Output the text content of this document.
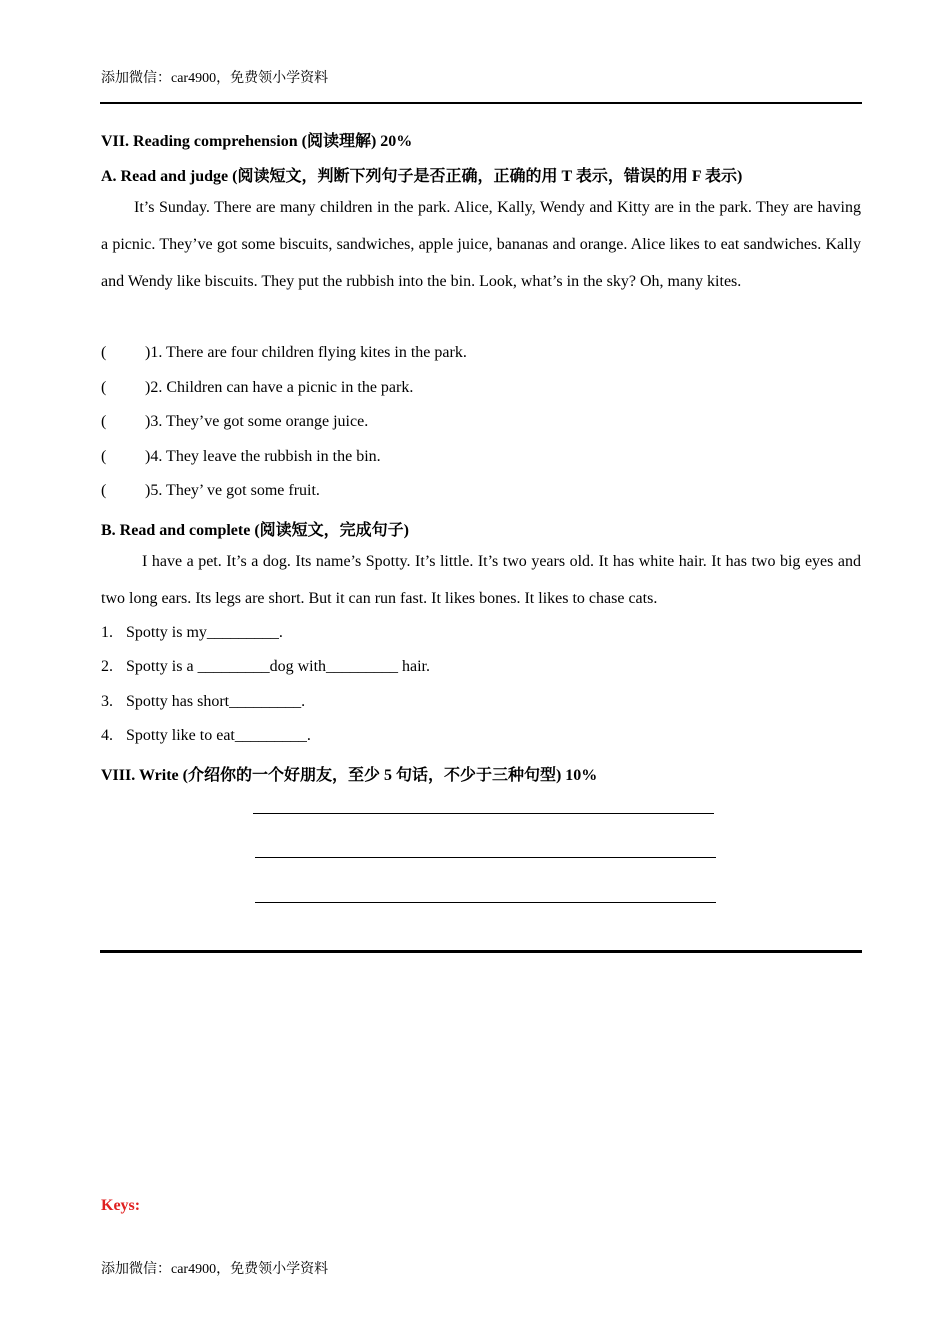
添加微信：car4900，免费领小学资料
VII. Reading comprehension (阅读理解) 20%
A. Read and judge (阅读短文，判断下列句子是否正确，正确的用 T 表示，错误的用 F 表示)

It’s Sunday. There are many children in the park. Alice, Kally, Wendy and Kitty are in the park. They are having a picnic. They’ve got some biscuits, sandwiches, apple juice, bananas and orange. Alice likes to eat sandwiches. Kally and Wendy like biscuits. They put the rubbish into the bin. Look, what’s in the sky? Oh, many kites.

( )1. There are four children flying kites in the park.
( )2. Children can have a picnic in the park.
( )3. They’ve got some orange juice.
( )4. They leave the rubbish in the bin.
( )5. They’ ve got some fruit.
B. Read and complete (阅读短文，完成句子)

I have a pet. It’s a dog. Its name’s Spotty. It’s little. It’s two years old. It has white hair. It has two big eyes and two long ears. Its legs are short. But it can run fast. It likes bones. It likes to chase cats.

1. Spotty is my_________.
2. Spotty is a _________dog with_________ hair.
3. Spotty has short_________.
4. Spotty like to eat_________.
VIII. Write (介绍你的一个好朋友，至少 5 句话，不少于三种句型) 10%
Keys:
添加微信：car4900，免费领小学资料
